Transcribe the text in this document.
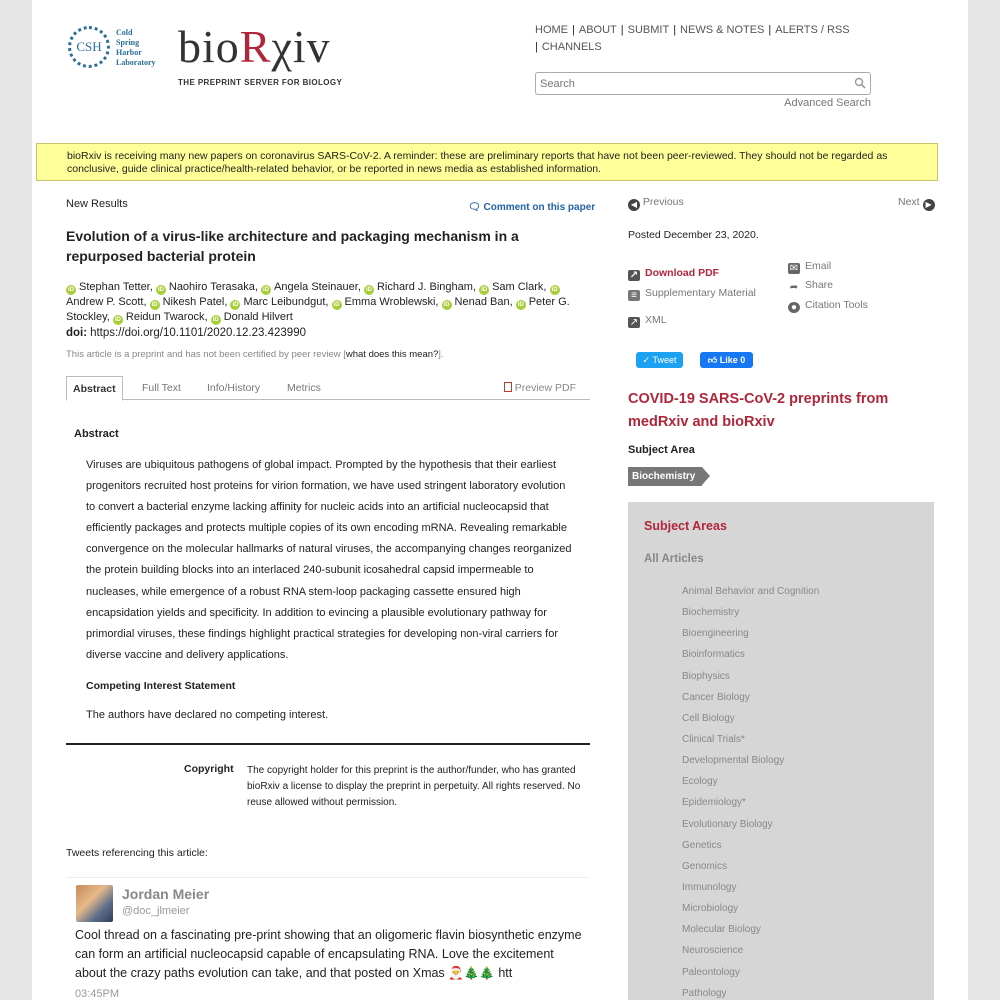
CSH
Cold
Spring
Harbor
Laboratory bioRχiv
THE PREPRINT SERVER FOR BIOLOGY
HOME | ABOUT | SUBMIT | NEWS & NOTES | ALERTS / RSS
| CHANNELS
Search
Advanced Search
bioRxiv is receiving many new papers on coronavirus SARS-CoV-2. A reminder: these are preliminary reports that have not been peer-reviewed. They should not be regarded as conclusive, guide clinical practice/health-related behavior, or be reported in news media as established information.
New Results	🗨︎ Comment on this paper
Evolution of a virus-like architecture and packaging mechanism in a repurposed bacterial protein
iD Stephan Tetter, iD Naohiro Terasaka, iD Angela Steinauer, iD Richard J. Bingham, iD Sam Clark, iDAndrew P. Scott, iD Nikesh Patel, iD Marc Leibundgut, iD Emma Wroblewski, iD Nenad Ban, iD Peter G. Stockley, iD Reidun Twarock, iD Donald Hilvert
doi: https://doi.org/10.1101/2020.12.23.423990
This article is a preprint and has not been certified by peer review [what does this mean?].
Abstract	Full Text	Info/History	Metrics	Preview PDF
Abstract
Viruses are ubiquitous pathogens of global impact. Prompted by the hypothesis that their earliest progenitors recruited host proteins for virion formation, we have used stringent laboratory evolution to convert a bacterial enzyme lacking affinity for nucleic acids into an artificial nucleocapsid that efficiently packages and protects multiple copies of its own encoding mRNA. Revealing remarkable convergence on the molecular hallmarks of natural viruses, the accompanying changes reorganized the protein building blocks into an interlaced 240-subunit icosahedral capsid impermeable to nucleases, while emergence of a robust RNA stem-loop packaging cassette ensured high encapsidation yields and specificity. In addition to evincing a plausible evolutionary pathway for primordial viruses, these findings highlight practical strategies for developing non-viral carriers for diverse vaccine and delivery applications.
Competing Interest Statement
The authors have declared no competing interest.
Copyright The copyright holder for this preprint is the author/funder, who has granted bioRxiv a license to display the preprint in perpetuity. All rights reserved. No reuse allowed without permission.
Tweets referencing this article:
Jordan Meier
@doc_jlmeier
Cool thread on a fascinating pre-print showing that an oligomeric flavin biosynthetic enzyme can form an artificial nucleocapsid capable of encapsulating RNA. Love the excitement about the crazy paths evolution can take, and that posted on Xmas 🎅🎄🎄 htt
03:45PM
◀ Previous	Next ▶
Posted December 23, 2020.
↗ Download PDF
≡ Supplementary Material
↗ XML
✉ Email
➦ Share
● Citation Tools
✓ Tweet	👍︎ Like 0
COVID-19 SARS-CoV-2 preprints from medRxiv and bioRxiv
Subject Area
Biochemistry
Subject Areas
All Articles
Animal Behavior and Cognition
Biochemistry
Bioengineering
Bioinformatics
Biophysics
Cancer Biology
Cell Biology
Clinical Trials*
Developmental Biology
Ecology
Epidemiology*
Evolutionary Biology
Genetics
Genomics
Immunology
Microbiology
Molecular Biology
Neuroscience
Paleontology
Pathology
